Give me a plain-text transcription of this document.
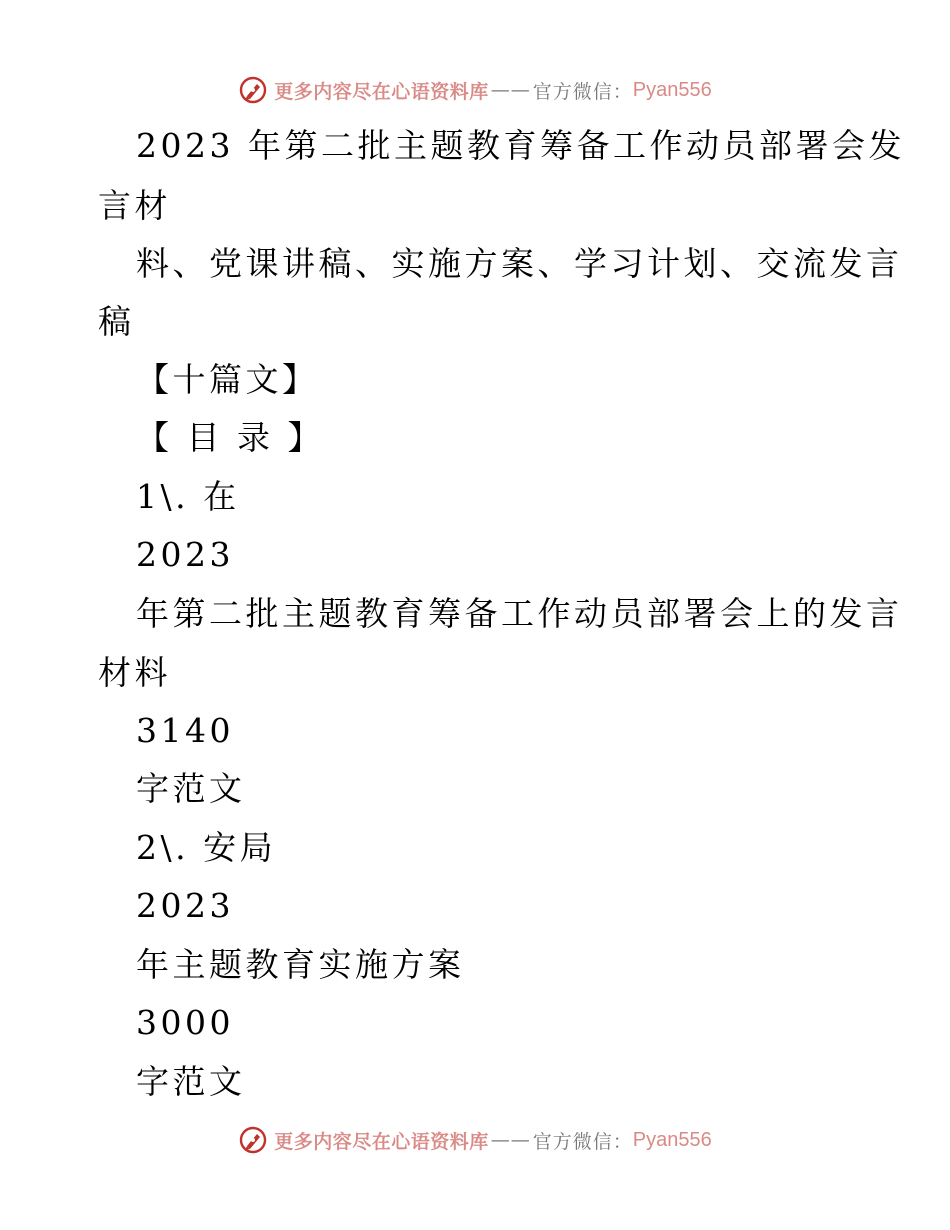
更多内容尽在心语资料库 —— 官方微信： Pyan556
2023 年第二批主题教育筹备工作动员部署会发
言材
料、党课讲稿、实施方案、学习计划、交流发言
稿
【十篇文】
【 目 录 】
1\. 在
2023
年第二批主题教育筹备工作动员部署会上的发言
材料
3140
字范文
2\. 安局
2023
年主题教育实施方案
3000
字范文
更多内容尽在心语资料库 —— 官方微信： Pyan556
